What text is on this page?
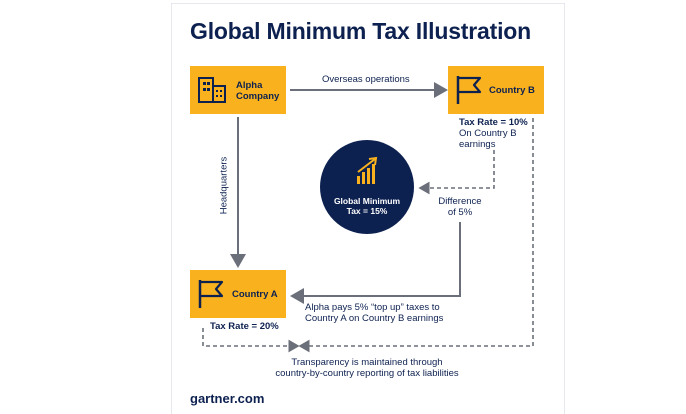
Global Minimum Tax Illustration
Alpha
Company
Overseas operations
Country B
Tax Rate = 10%
On Country B
earnings
Headquarters	Global Minimum
Tax = 15%
Difference
of 5%
Country A
Tax Rate = 20%
Alpha pays 5% “top up” taxes to
Country A on Country B earnings
Transparency is maintained through
country-by-country reporting of tax liabilities
gartner.com
